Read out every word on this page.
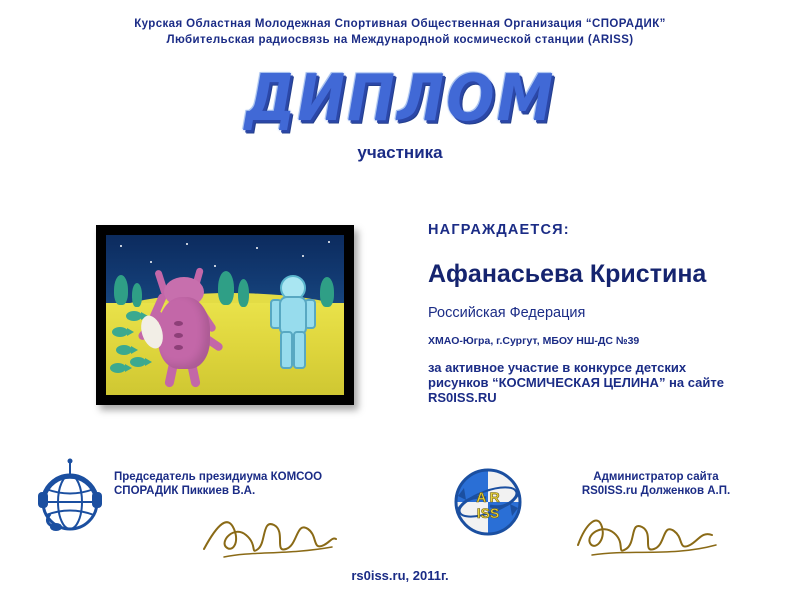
Курская Областная Молодежная Спортивная Общественная Организация “СПОРАДИК”
Любительская радиосвязь на Международной космической станции (ARISS)
ДИПЛОМ
участника
НАГРАЖДАЕТСЯ:
Афанасьева Кристина
Российская Федерация
ХМАО-Югра, г.Сургут, МБОУ НШ-ДС №39
за активное участие в конкурсе детских рисунков “КОСМИЧЕСКАЯ ЦЕЛИНА” на сайте RS0ISS.RU
Председатель президиума КОМСОО
СПОРАДИК Пиккиев В.А.	A R
ISS
Администратор сайта
RS0ISS.ru Долженков А.П.
rs0iss.ru, 2011г.
